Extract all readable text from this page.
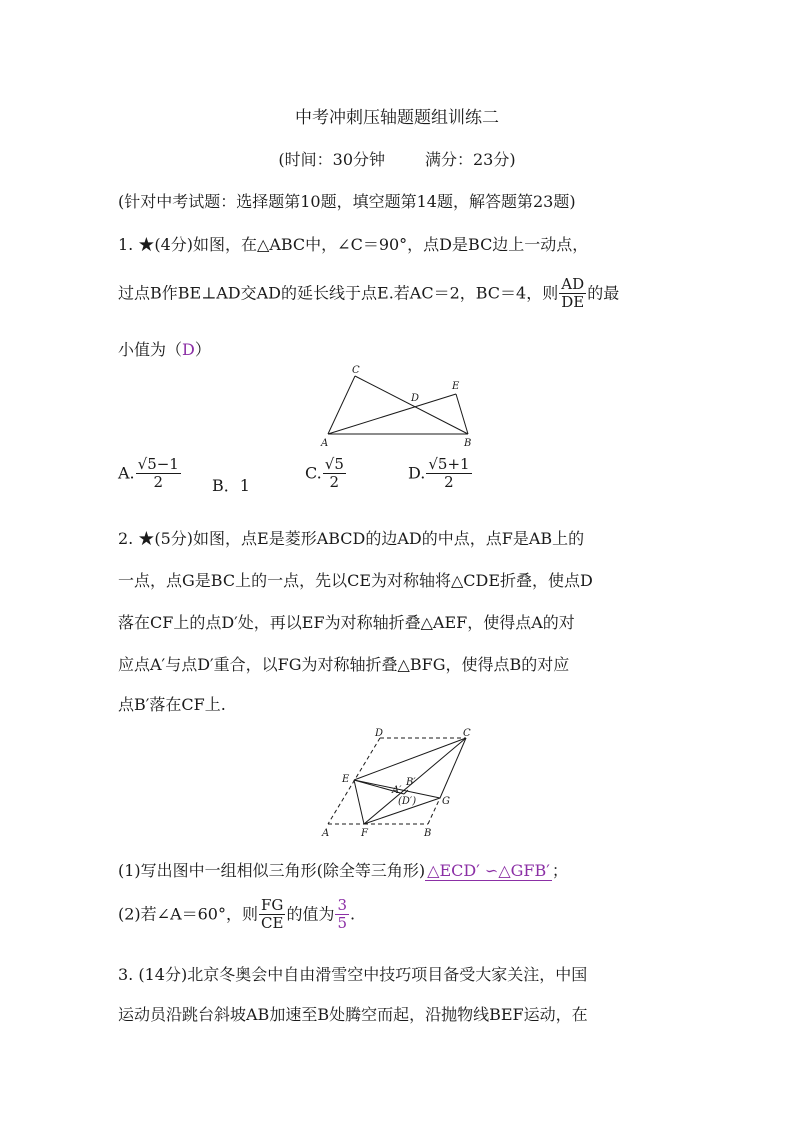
中考冲刺压轴题题组训练二
(时间：30分钟	满分：23分)
(针对中考试题：选择题第10题，填空题第14题，解答题第23题)
1. ★(4分)如图，在△ABC中，∠C＝90°，点D是BC边上一动点，
过点B作BE⊥AD交AD的延长线于点E.若AC＝2，BC＝4，则 $\frac{AD}{DE}$ 的最
小值为（D）
C
A	B
D
E
A. $\frac{√5-1}{2}$ B．1
C. $\frac{√5}{2}$	D. $\frac{√5+1}{2}$
2. ★(5分)如图，点E是菱形ABCD的边AD的中点，点F是AB上的
一点，点G是BC上的一点，先以CE为对称轴将△CDE折叠，使点D
落在CF上的点D′处，再以EF为对称轴折叠△AEF，使得点A的对
应点A′与点D′重合，以FG为对称轴折叠△BFG，使得点B的对应
点B′落在CF上.
D	C
E
A′
B′
(D′)	G
A	F	B
(1)写出图中一组相似三角形(除全等三角形) △ECD′ ∽△GFB′ ；
(2)若∠A＝60°，则 $\frac{FG}{CE}$ 的值为 $\frac{3}{5}$ .
3. (14分)北京冬奥会中自由滑雪空中技巧项目备受大家关注，中国
运动员沿跳台斜坡AB加速至B处腾空而起，沿抛物线BEF运动，在
